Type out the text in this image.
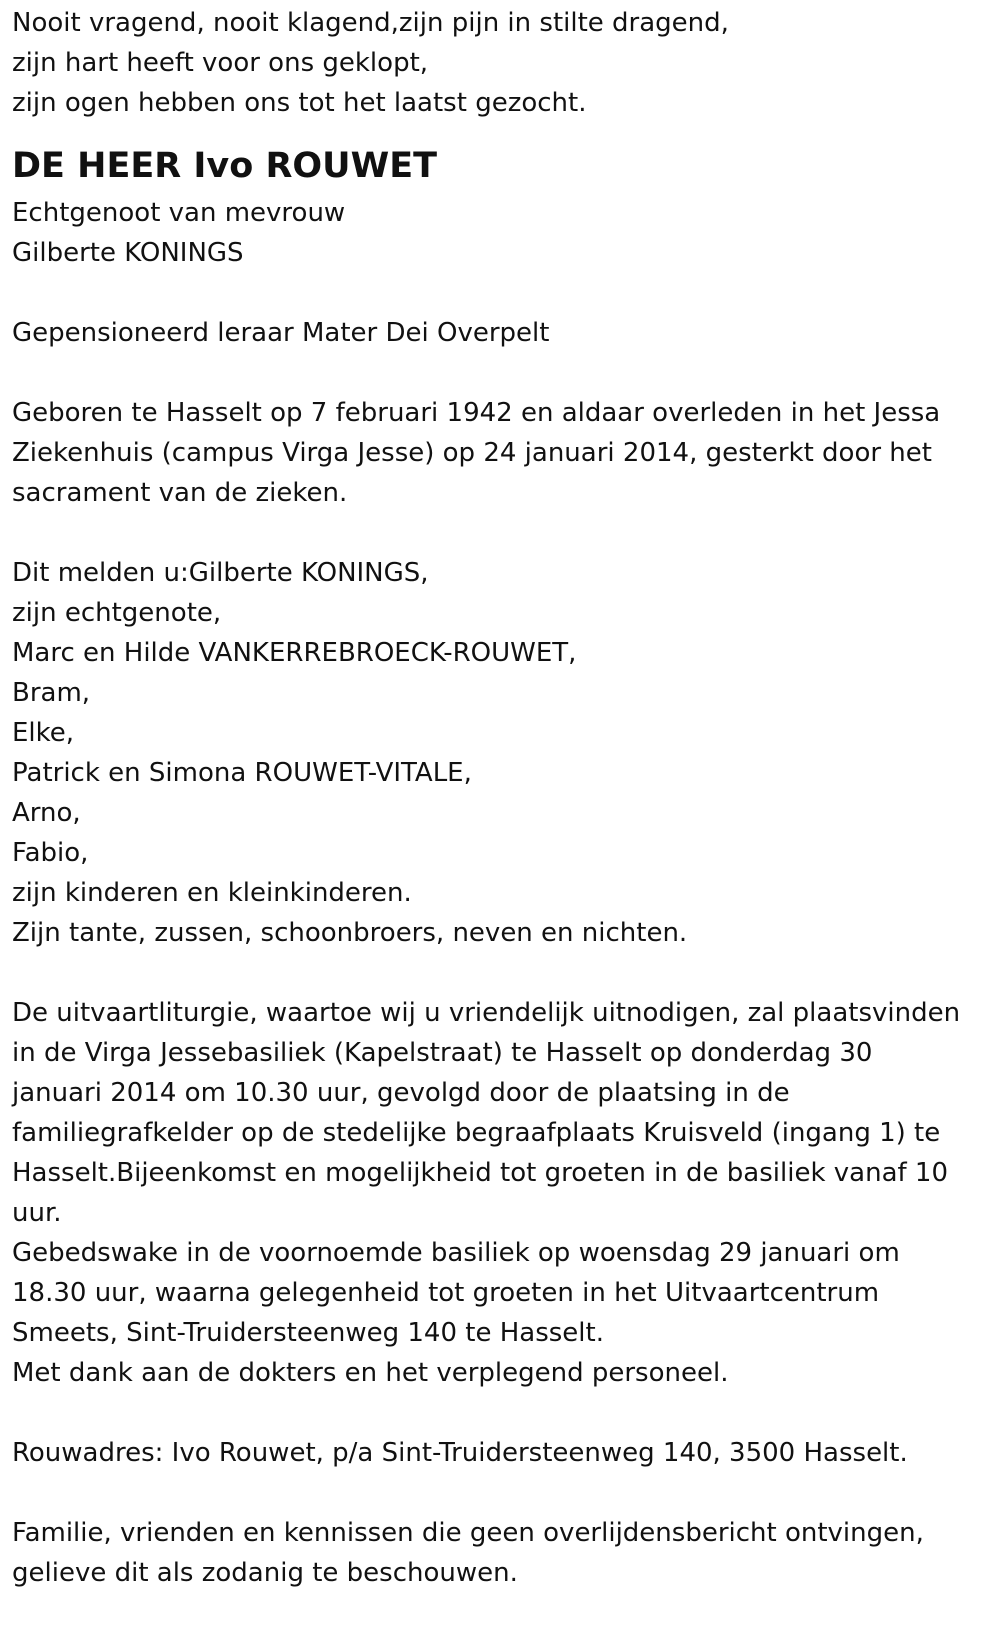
Nooit vragend, nooit klagend,zijn pijn in stilte dragend,

zijn hart heeft voor ons geklopt,

zijn ogen hebben ons tot het laatst gezocht.

DE HEER Ivo ROUWET

Echtgenoot van mevrouw

Gilberte KONINGS

Gepensioneerd leraar Mater Dei Overpelt

Geboren te Hasselt op 7 februari 1942 en aldaar overleden in het Jessa

Ziekenhuis (campus Virga Jesse) op 24 januari 2014, gesterkt door het

sacrament van de zieken.

Dit melden u:Gilberte KONINGS,

zijn echtgenote,

Marc en Hilde VANKERREBROECK-ROUWET,

Bram,

Elke,

Patrick en Simona ROUWET-VITALE,

Arno,

Fabio,

zijn kinderen en kleinkinderen.

Zijn tante, zussen, schoonbroers, neven en nichten.

De uitvaartliturgie, waartoe wij u vriendelijk uitnodigen, zal plaatsvinden

in de Virga Jessebasiliek (Kapelstraat) te Hasselt op donderdag 30

januari 2014 om 10.30 uur, gevolgd door de plaatsing in de

familiegrafkelder op de stedelijke begraafplaats Kruisveld (ingang 1) te

Hasselt.Bijeenkomst en mogelijkheid tot groeten in de basiliek vanaf 10

uur.

Gebedswake in de voornoemde basiliek op woensdag 29 januari om

18.30 uur, waarna gelegenheid tot groeten in het Uitvaartcentrum

Smeets, Sint-Truidersteenweg 140 te Hasselt.

Met dank aan de dokters en het verplegend personeel.

Rouwadres: Ivo Rouwet, p/a Sint-Truidersteenweg 140, 3500 Hasselt.

Familie, vrienden en kennissen die geen overlijdensbericht ontvingen,

gelieve dit als zodanig te beschouwen.
